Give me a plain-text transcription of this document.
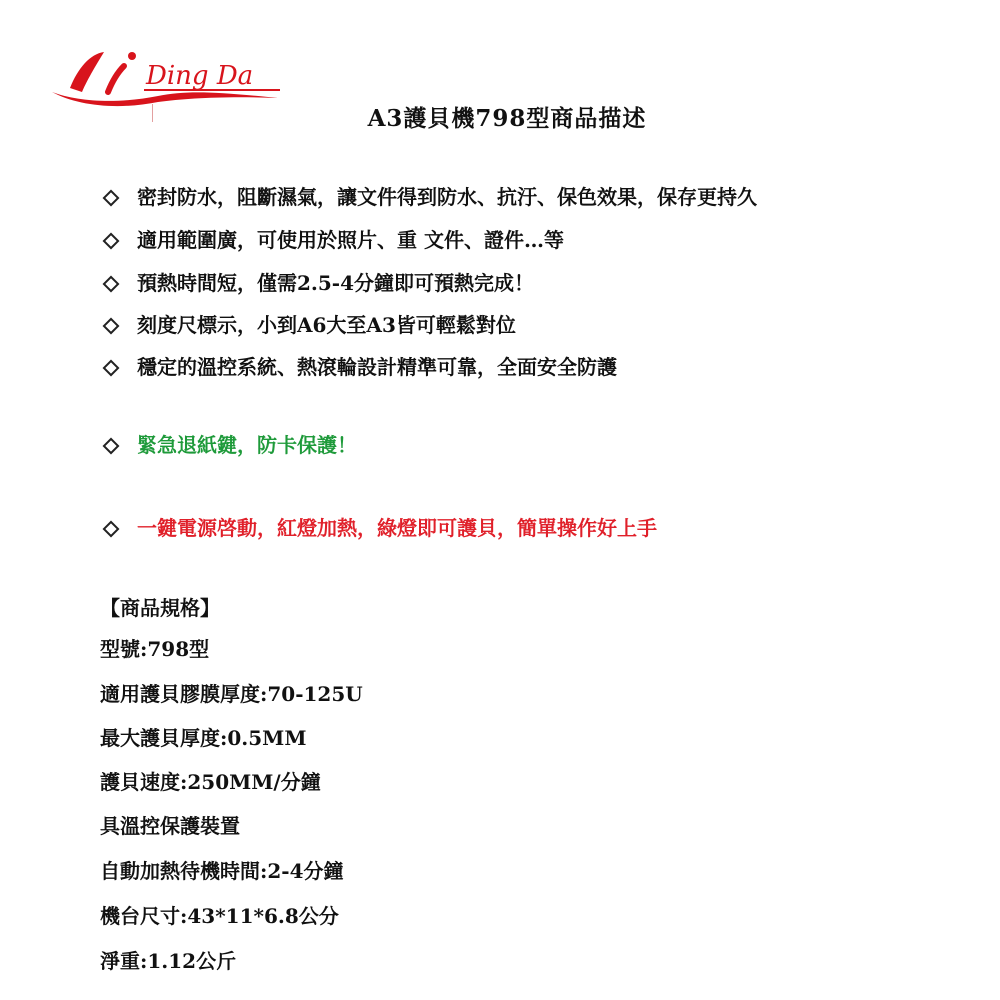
Ding Da
A3護貝機798型商品描述
密封防水，阻斷濕氣，讓文件得到防水、抗汙、保色效果，保存更持久
適用範圍廣，可使用於照片、重 文件、證件…等
預熱時間短，僅需2.5-4分鐘即可預熱完成！
刻度尺標示，小到A6大至A3皆可輕鬆對位
穩定的溫控系統、熱滾輪設計精準可靠，全面安全防護
緊急退紙鍵，防卡保護！
一鍵電源啓動，紅燈加熱，綠燈即可護貝，簡單操作好上手
【商品規格】
型號:798型
適用護貝膠膜厚度:70-125U
最大護貝厚度:0.5MM
護貝速度:250MM/分鐘
具溫控保護裝置
自動加熱待機時間:2-4分鐘
機台尺寸:43*11*6.8公分
淨重:1.12公斤
